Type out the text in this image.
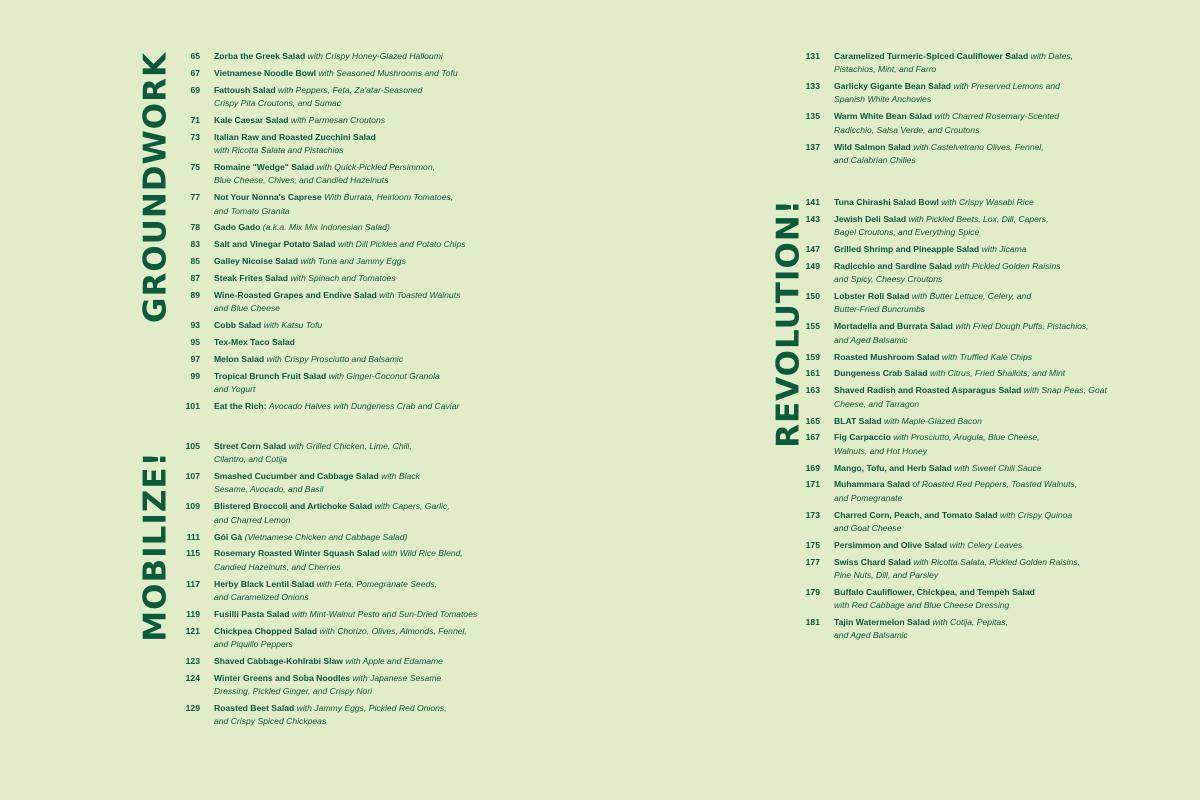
GROUNDWORK
MOBILIZE!
REVOLUTION!
65	Zorba the Greek Salad with Crispy Honey-Glazed Halloumi
67	Vietnamese Noodle Bowl with Seasoned Mushrooms and Tofu
69	Fattoush Salad with Peppers, Feta, Za'atar-Seasoned
Crispy Pita Croutons, and Sumac
71	Kale Caesar Salad with Parmesan Croutons
73	Italian Raw and Roasted Zucchini Salad
with Ricotta Salata and Pistachios
75	Romaine "Wedge" Salad with Quick-Pickled Persimmon,
Blue Cheese, Chives, and Candied Hazelnuts
77	Not Your Nonna's Caprese With Burrata, Heirloom Tomatoes,
and Tomato Granita
78	Gado Gado (a.k.a. Mix Mix Indonesian Salad)
83	Salt and Vinegar Potato Salad with Dill Pickles and Potato Chips
85	Galley Nicoise Salad with Tuna and Jammy Eggs
87	Steak Frites Salad with Spinach and Tomatoes
89	Wine-Roasted Grapes and Endive Salad with Toasted Walnuts
and Blue Cheese
93	Cobb Salad with Katsu Tofu
95	Tex-Mex Taco Salad
97	Melon Salad with Crispy Prosciutto and Balsamic
99	Tropical Brunch Fruit Salad with Ginger-Coconut Granola
and Yogurt
101	Eat the Rich: Avocado Halves with Dungeness Crab and Caviar
105	Street Corn Salad with Grilled Chicken, Lime, Chili,
Cilantro, and Cotija
107	Smashed Cucumber and Cabbage Salad with Black
Sesame, Avocado, and Basil
109	Blistered Broccoli and Artichoke Salad with Capers, Garlic,
and Charred Lemon
111	Gỏi Gà (Vietnamese Chicken and Cabbage Salad)
115	Rosemary Roasted Winter Squash Salad with Wild Rice Blend,
Candied Hazelnuts, and Cherries
117	Herby Black Lentil Salad with Feta, Pomegranate Seeds,
and Caramelized Onions
119	Fusilli Pasta Salad with Mint-Walnut Pesto and Sun-Dried Tomatoes
121	Chickpea Chopped Salad with Chorizo, Olives, Almonds, Fennel,
and Piquillo Peppers
123	Shaved Cabbage-Kohlrabi Slaw with Apple and Edamame
124	Winter Greens and Soba Noodles with Japanese Sesame
Dressing, Pickled Ginger, and Crispy Nori
129	Roasted Beet Salad with Jammy Eggs, Pickled Red Onions,
and Crispy Spiced Chickpeas
131	Caramelized Turmeric-Spiced Cauliflower Salad with Dates,
Pistachios, Mint, and Farro
133	Garlicky Gigante Bean Salad with Preserved Lemons and
Spanish White Anchovies
135	Warm White Bean Salad with Charred Rosemary-Scented
Radicchio, Salsa Verde, and Croutons
137	Wild Salmon Salad with Castelvetrano Olives, Fennel,
and Calabrian Chilies
141	Tuna Chirashi Salad Bowl with Crispy Wasabi Rice
143	Jewish Deli Salad with Pickled Beets, Lox, Dill, Capers,
Bagel Croutons, and Everything Spice
147	Grilled Shrimp and Pineapple Salad with Jicama
149	Radicchio and Sardine Salad with Pickled Golden Raisins
and Spicy, Cheesy Croutons
150	Lobster Roll Salad with Butter Lettuce, Celery, and
Butter-Fried Buncrumbs
155	Mortadella and Burrata Salad with Fried Dough Puffs, Pistachios,
and Aged Balsamic
159	Roasted Mushroom Salad with Truffled Kale Chips
161	Dungeness Crab Salad with Citrus, Fried Shallots, and Mint
163	Shaved Radish and Roasted Asparagus Salad with Snap Peas, Goat
Cheese, and Tarragon
165	BLAT Salad with Maple-Glazed Bacon
167	Fig Carpaccio with Prosciutto, Arugula, Blue Cheese,
Walnuts, and Hot Honey
169	Mango, Tofu, and Herb Salad with Sweet Chili Sauce
171	Muhammara Salad of Roasted Red Peppers, Toasted Walnuts,
and Pomegranate
173	Charred Corn, Peach, and Tomato Salad with Crispy Quinoa
and Goat Cheese
175	Persimmon and Olive Salad with Celery Leaves
177	Swiss Chard Salad with Ricotta Salata, Pickled Golden Raisins,
Pine Nuts, Dill, and Parsley
179	Buffalo Cauliflower, Chickpea, and Tempeh Salad
with Red Cabbage and Blue Cheese Dressing
181	Tajin Watermelon Salad with Cotija, Pepitas,
and Aged Balsamic
